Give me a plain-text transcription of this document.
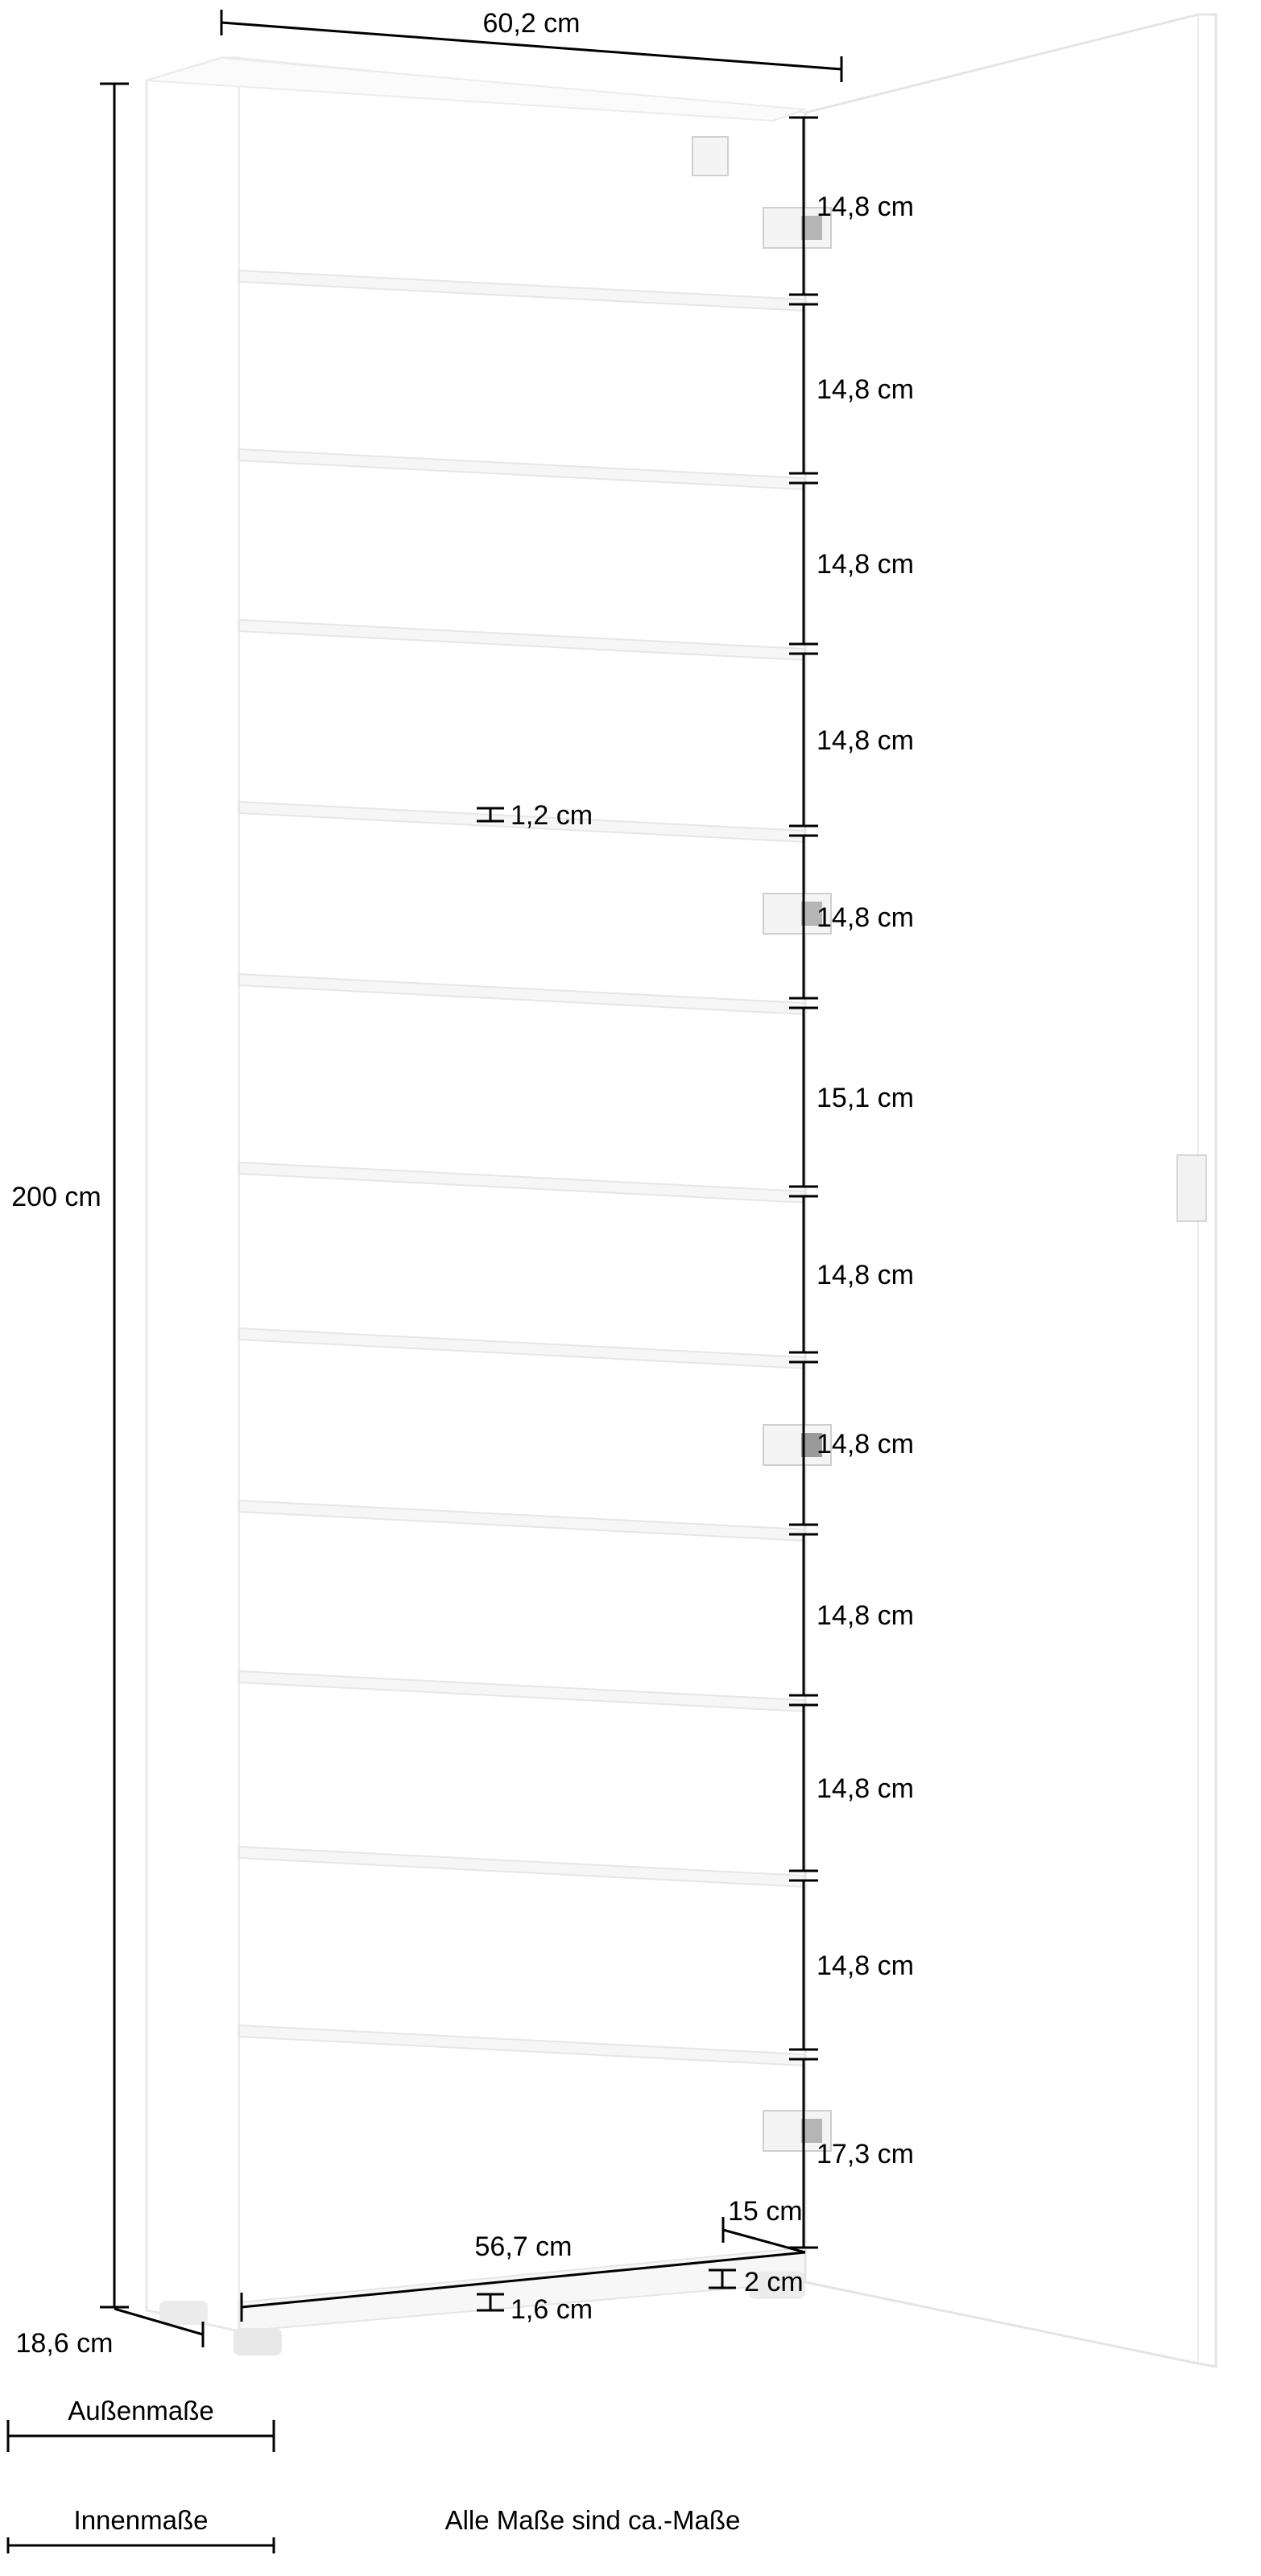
60,2 cm
200 cm
18,6 cm
14,8 cm
14,8 cm
14,8 cm
14,8 cm
14,8 cm
15,1 cm
14,8 cm
14,8 cm
14,8 cm
14,8 cm
14,8 cm
17,3 cm
1,2 cm
56,7 cm
15 cm
1,6 cm
2 cm
Außenmaße
Innenmaße	Alle Maße sind ca.-Maße
